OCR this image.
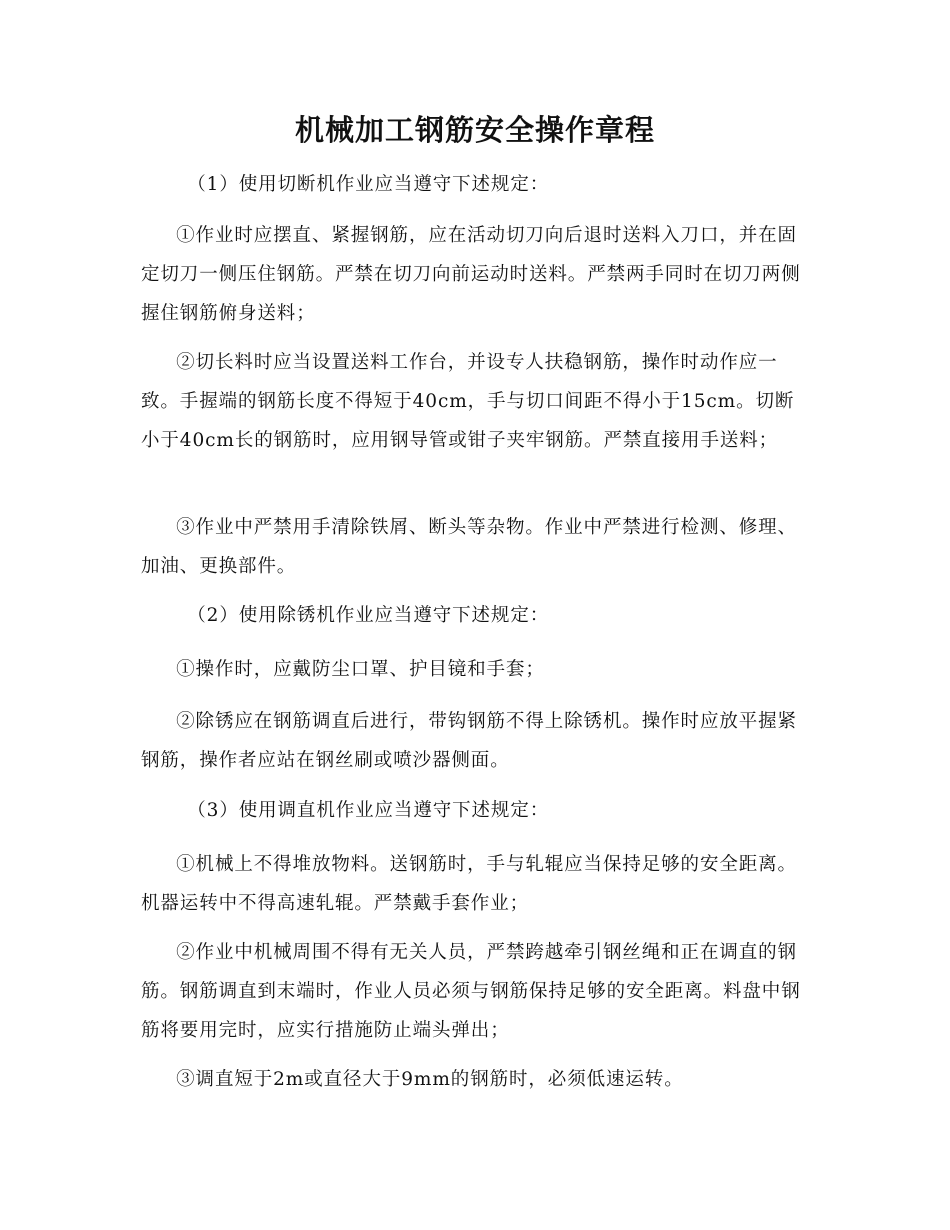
机械加工钢筋安全操作章程

（1）使用切断机作业应当遵守下述规定：

①作业时应摆直、紧握钢筋，应在活动切刀向后退时送料入刀口，并在固定切刀一侧压住钢筋。严禁在切刀向前运动时送料。严禁两手同时在切刀两侧握住钢筋俯身送料；

②切长料时应当设置送料工作台，并设专人扶稳钢筋，操作时动作应一致。手握端的钢筋长度不得短于40cm，手与切口间距不得小于15cm。切断小于40cm长的钢筋时，应用钢导管或钳子夹牢钢筋。严禁直接用手送料；

③作业中严禁用手清除铁屑、断头等杂物。作业中严禁进行检测、修理、加油、更换部件。

（2）使用除锈机作业应当遵守下述规定：

①操作时，应戴防尘口罩、护目镜和手套；

②除锈应在钢筋调直后进行，带钩钢筋不得上除锈机。操作时应放平握紧钢筋，操作者应站在钢丝刷或喷沙器侧面。

（3）使用调直机作业应当遵守下述规定：

①机械上不得堆放物料。送钢筋时，手与轧辊应当保持足够的安全距离。机器运转中不得高速轧辊。严禁戴手套作业；

②作业中机械周围不得有无关人员，严禁跨越牵引钢丝绳和正在调直的钢筋。钢筋调直到末端时，作业人员必须与钢筋保持足够的安全距离。料盘中钢筋将要用完时，应实行措施防止端头弹出；

③调直短于2m或直径大于9mm的钢筋时，必须低速运转。
